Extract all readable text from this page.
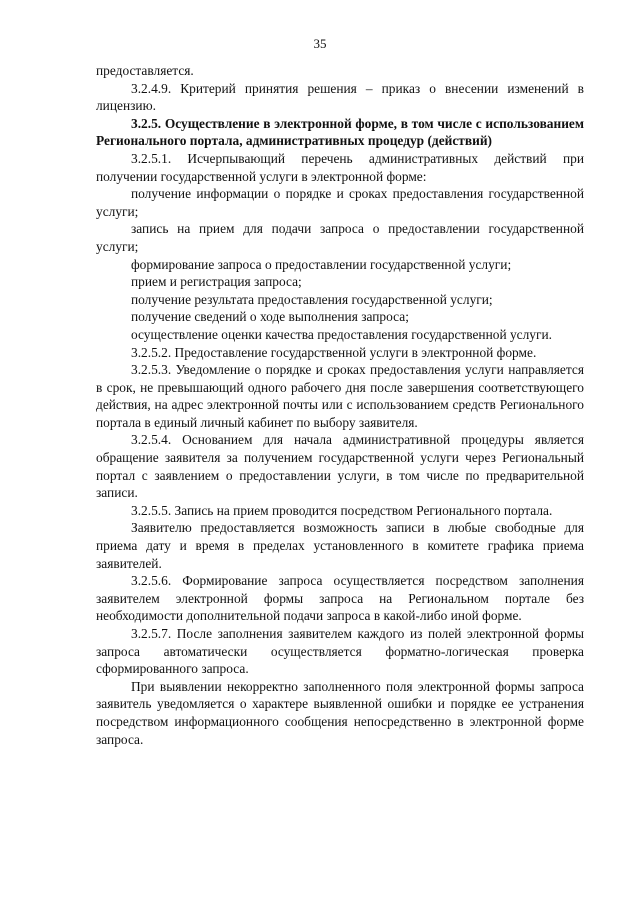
35

предоставляется.

3.2.4.9. Критерий принятия решения – приказ о внесении изменений в лицензию.

3.2.5. Осуществление в электронной форме, в том числе с использованием Регионального портала, административных процедур (действий)

3.2.5.1. Исчерпывающий перечень административных действий при получении государственной услуги в электронной форме:

получение информации о порядке и сроках предоставления государственной услуги;

запись на прием для подачи запроса о предоставлении государственной услуги;

формирование запроса о предоставлении государственной услуги;

прием и регистрация запроса;

получение результата предоставления государственной услуги;

получение сведений о ходе выполнения запроса;

осуществление оценки качества предоставления государственной услуги.

3.2.5.2. Предоставление государственной услуги в электронной форме.

3.2.5.3. Уведомление о порядке и сроках предоставления услуги направляется в срок, не превышающий одного рабочего дня после завершения соответствующего действия, на адрес электронной почты или с использованием средств Регионального портала в единый личный кабинет по выбору заявителя.

3.2.5.4. Основанием для начала административной процедуры является обращение заявителя за получением государственной услуги через Региональный портал с заявлением о предоставлении услуги, в том числе по предварительной записи.

3.2.5.5. Запись на прием проводится посредством Регионального портала.

Заявителю предоставляется возможность записи в любые свободные для приема дату и время в пределах установленного в комитете графика приема заявителей.

3.2.5.6. Формирование запроса осуществляется посредством заполнения заявителем электронной формы запроса на Региональном портале без необходимости дополнительной подачи запроса в какой-либо иной форме.

3.2.5.7. После заполнения заявителем каждого из полей электронной формы запроса автоматически осуществляется форматно-логическая проверка сформированного запроса.

При выявлении некорректно заполненного поля электронной формы запроса заявитель уведомляется о характере выявленной ошибки и порядке ее устранения посредством информационного сообщения непосредственно в электронной форме запроса.
